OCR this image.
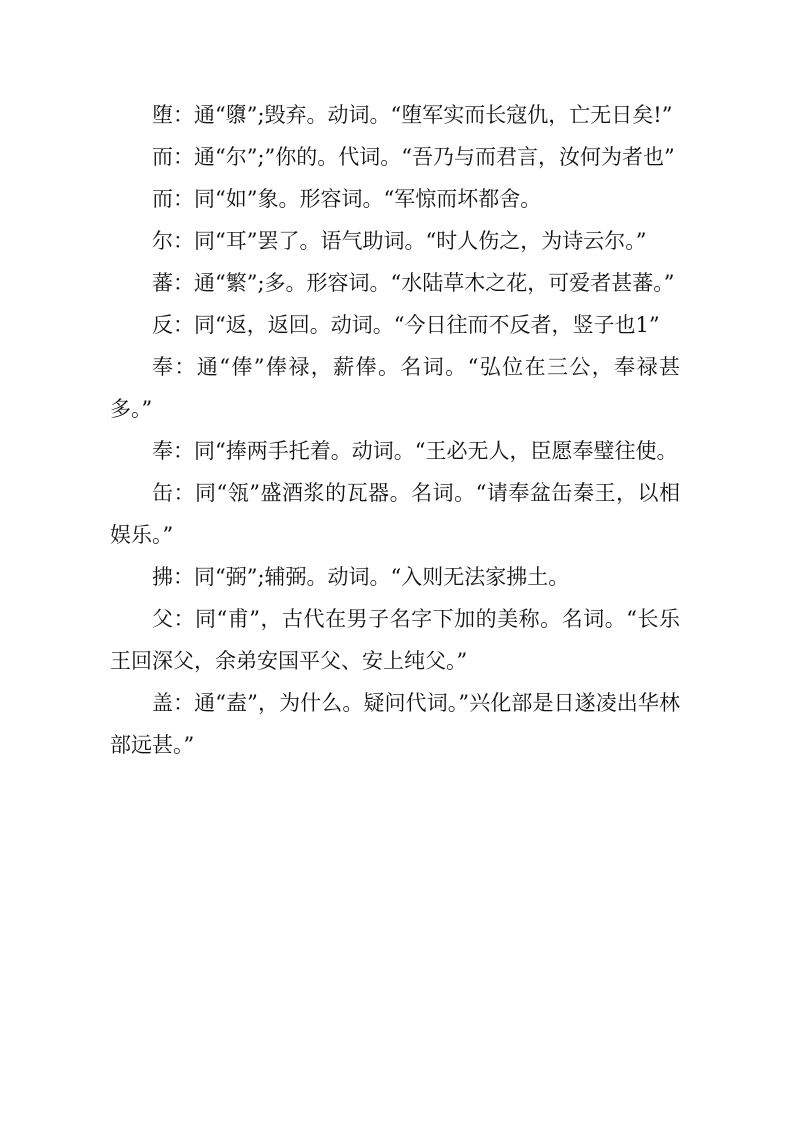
堕：通“隳”;毁弃。动词。“堕军实而长寇仇，亡无日矣!”

而：通“尔”;”你的。代词。“吾乃与而君言，汝何为者也”

而：同“如”象。形容词。“军惊而坏都舍。

尔：同“耳”罢了。语气助词。“时人伤之，为诗云尔。”

蕃：通“繁”;多。形容词。“水陆草木之花，可爱者甚蕃。”

反：同“返，返回。动词。“今日往而不反者，竖子也1”

奉：通“俸”俸禄，薪俸。名词。“弘位在三公，奉禄甚多。”

奉：同“捧两手托着。动词。“王必无人，臣愿奉璧往使。

缶：同“瓴”盛酒浆的瓦器。名词。“请奉盆缶秦王，以相娱乐。”

拂：同“弼”;辅弼。动词。“入则无法家拂土。

父：同“甫”，古代在男子名字下加的美称。名词。“长乐王回深父，余弟安国平父、安上纯父。”

盖：通“盍”，为什么。疑问代词。”兴化部是日遂凌出华林部远甚。”
